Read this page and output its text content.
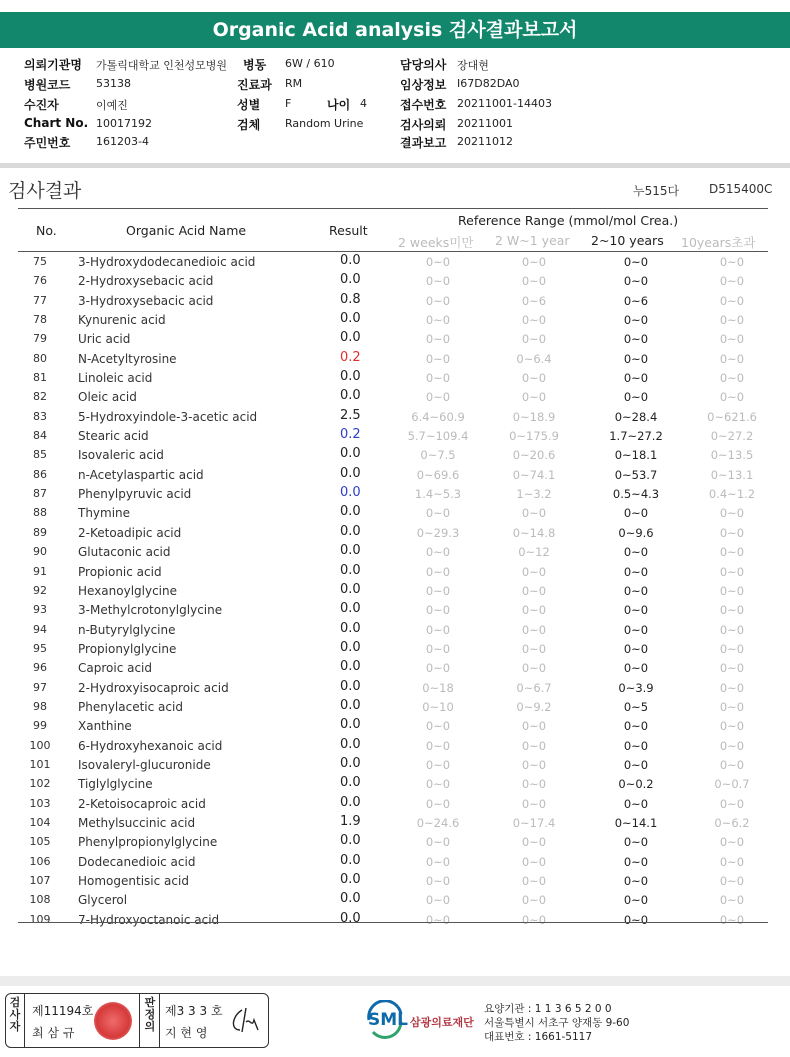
Organic Acid analysis 검사결과보고서
의뢰기관명 가톨릭대학교 인천성모병원 병동 6W / 610	담당의사 장대현
병원코드 53138	진료과 RM	임상정보 I67D82DA0
수진자	이예진	성별 F	나이 4	접수번호 20211001-14403
Chart No. 10017192	검체 Random Urine	검사의뢰 20211001
주민번호 161203-4	결과보고 20211012
검사결과	누515다 D515400C
No.	Organic Acid Name	Result
Reference Range (mmol/mol Crea.)
2 weeks미만 2 W~1 year 2~10 years 10years초과
75	3-Hydroxydodecanedioic acid	0.0	0~0	0~0	0~0	0~0
76	2-Hydroxysebacic acid	0.0	0~0	0~0	0~0	0~0
77	3-Hydroxysebacic acid	0.8	0~0	0~6	0~6	0~0
78	Kynurenic acid	0.0	0~0	0~0	0~0	0~0
79	Uric acid	0.0	0~0	0~0	0~0	0~0
80	N-Acetyltyrosine	0.2	0~0	0~6.4	0~0	0~0
81	Linoleic acid	0.0	0~0	0~0	0~0	0~0
82	Oleic acid	0.0	0~0	0~0	0~0	0~0
83	5-Hydroxyindole-3-acetic acid	2.5	6.4~60.9	0~18.9	0~28.4	0~621.6
84	Stearic acid	0.2	5.7~109.4	0~175.9	1.7~27.2	0~27.2
85	Isovaleric acid	0.0	0~7.5	0~20.6	0~18.1	0~13.5
86	n-Acetylaspartic acid	0.0	0~69.6	0~74.1	0~53.7	0~13.1
87	Phenylpyruvic acid	0.0	1.4~5.3	1~3.2	0.5~4.3	0.4~1.2
88	Thymine	0.0	0~0	0~0	0~0	0~0
89	2-Ketoadipic acid	0.0	0~29.3	0~14.8	0~9.6	0~0
90	Glutaconic acid	0.0	0~0	0~12	0~0	0~0
91	Propionic acid	0.0	0~0	0~0	0~0	0~0
92	Hexanoylglycine	0.0	0~0	0~0	0~0	0~0
93	3-Methylcrotonylglycine	0.0	0~0	0~0	0~0	0~0
94	n-Butyrylglycine	0.0	0~0	0~0	0~0	0~0
95	Propionylglycine	0.0	0~0	0~0	0~0	0~0
96	Caproic acid	0.0	0~0	0~0	0~0	0~0
97	2-Hydroxyisocaproic acid	0.0	0~18	0~6.7	0~3.9	0~0
98	Phenylacetic acid	0.0	0~10	0~9.2	0~5	0~0
99	Xanthine	0.0	0~0	0~0	0~0	0~0
100	6-Hydroxyhexanoic acid	0.0	0~0	0~0	0~0	0~0
101	Isovaleryl-glucuronide	0.0	0~0	0~0	0~0	0~0
102	Tiglylglycine	0.0	0~0	0~0	0~0.2	0~0.7
103	2-Ketoisocaproic acid	0.0	0~0	0~0	0~0	0~0
104	Methylsuccinic acid	1.9	0~24.6	0~17.4	0~14.1	0~6.2
105	Phenylpropionylglycine	0.0	0~0	0~0	0~0	0~0
106	Dodecanedioic acid	0.0	0~0	0~0	0~0	0~0
107	Homogentisic acid	0.0	0~0	0~0	0~0	0~0
108	Glycerol	0.0	0~0	0~0	0~0	0~0
109	7-Hydroxyoctanoic acid	0.0	0~0	0~0	0~0	0~0
검사자
제11194호
최 삼 규
판정의
제3 3 3 호
지 현 영
SML 삼광의료재단
요양기관 : 1 1 3 6 5 2 0 0
서울특별시 서초구 양재동 9-60
대표번호 : 1661-5117
